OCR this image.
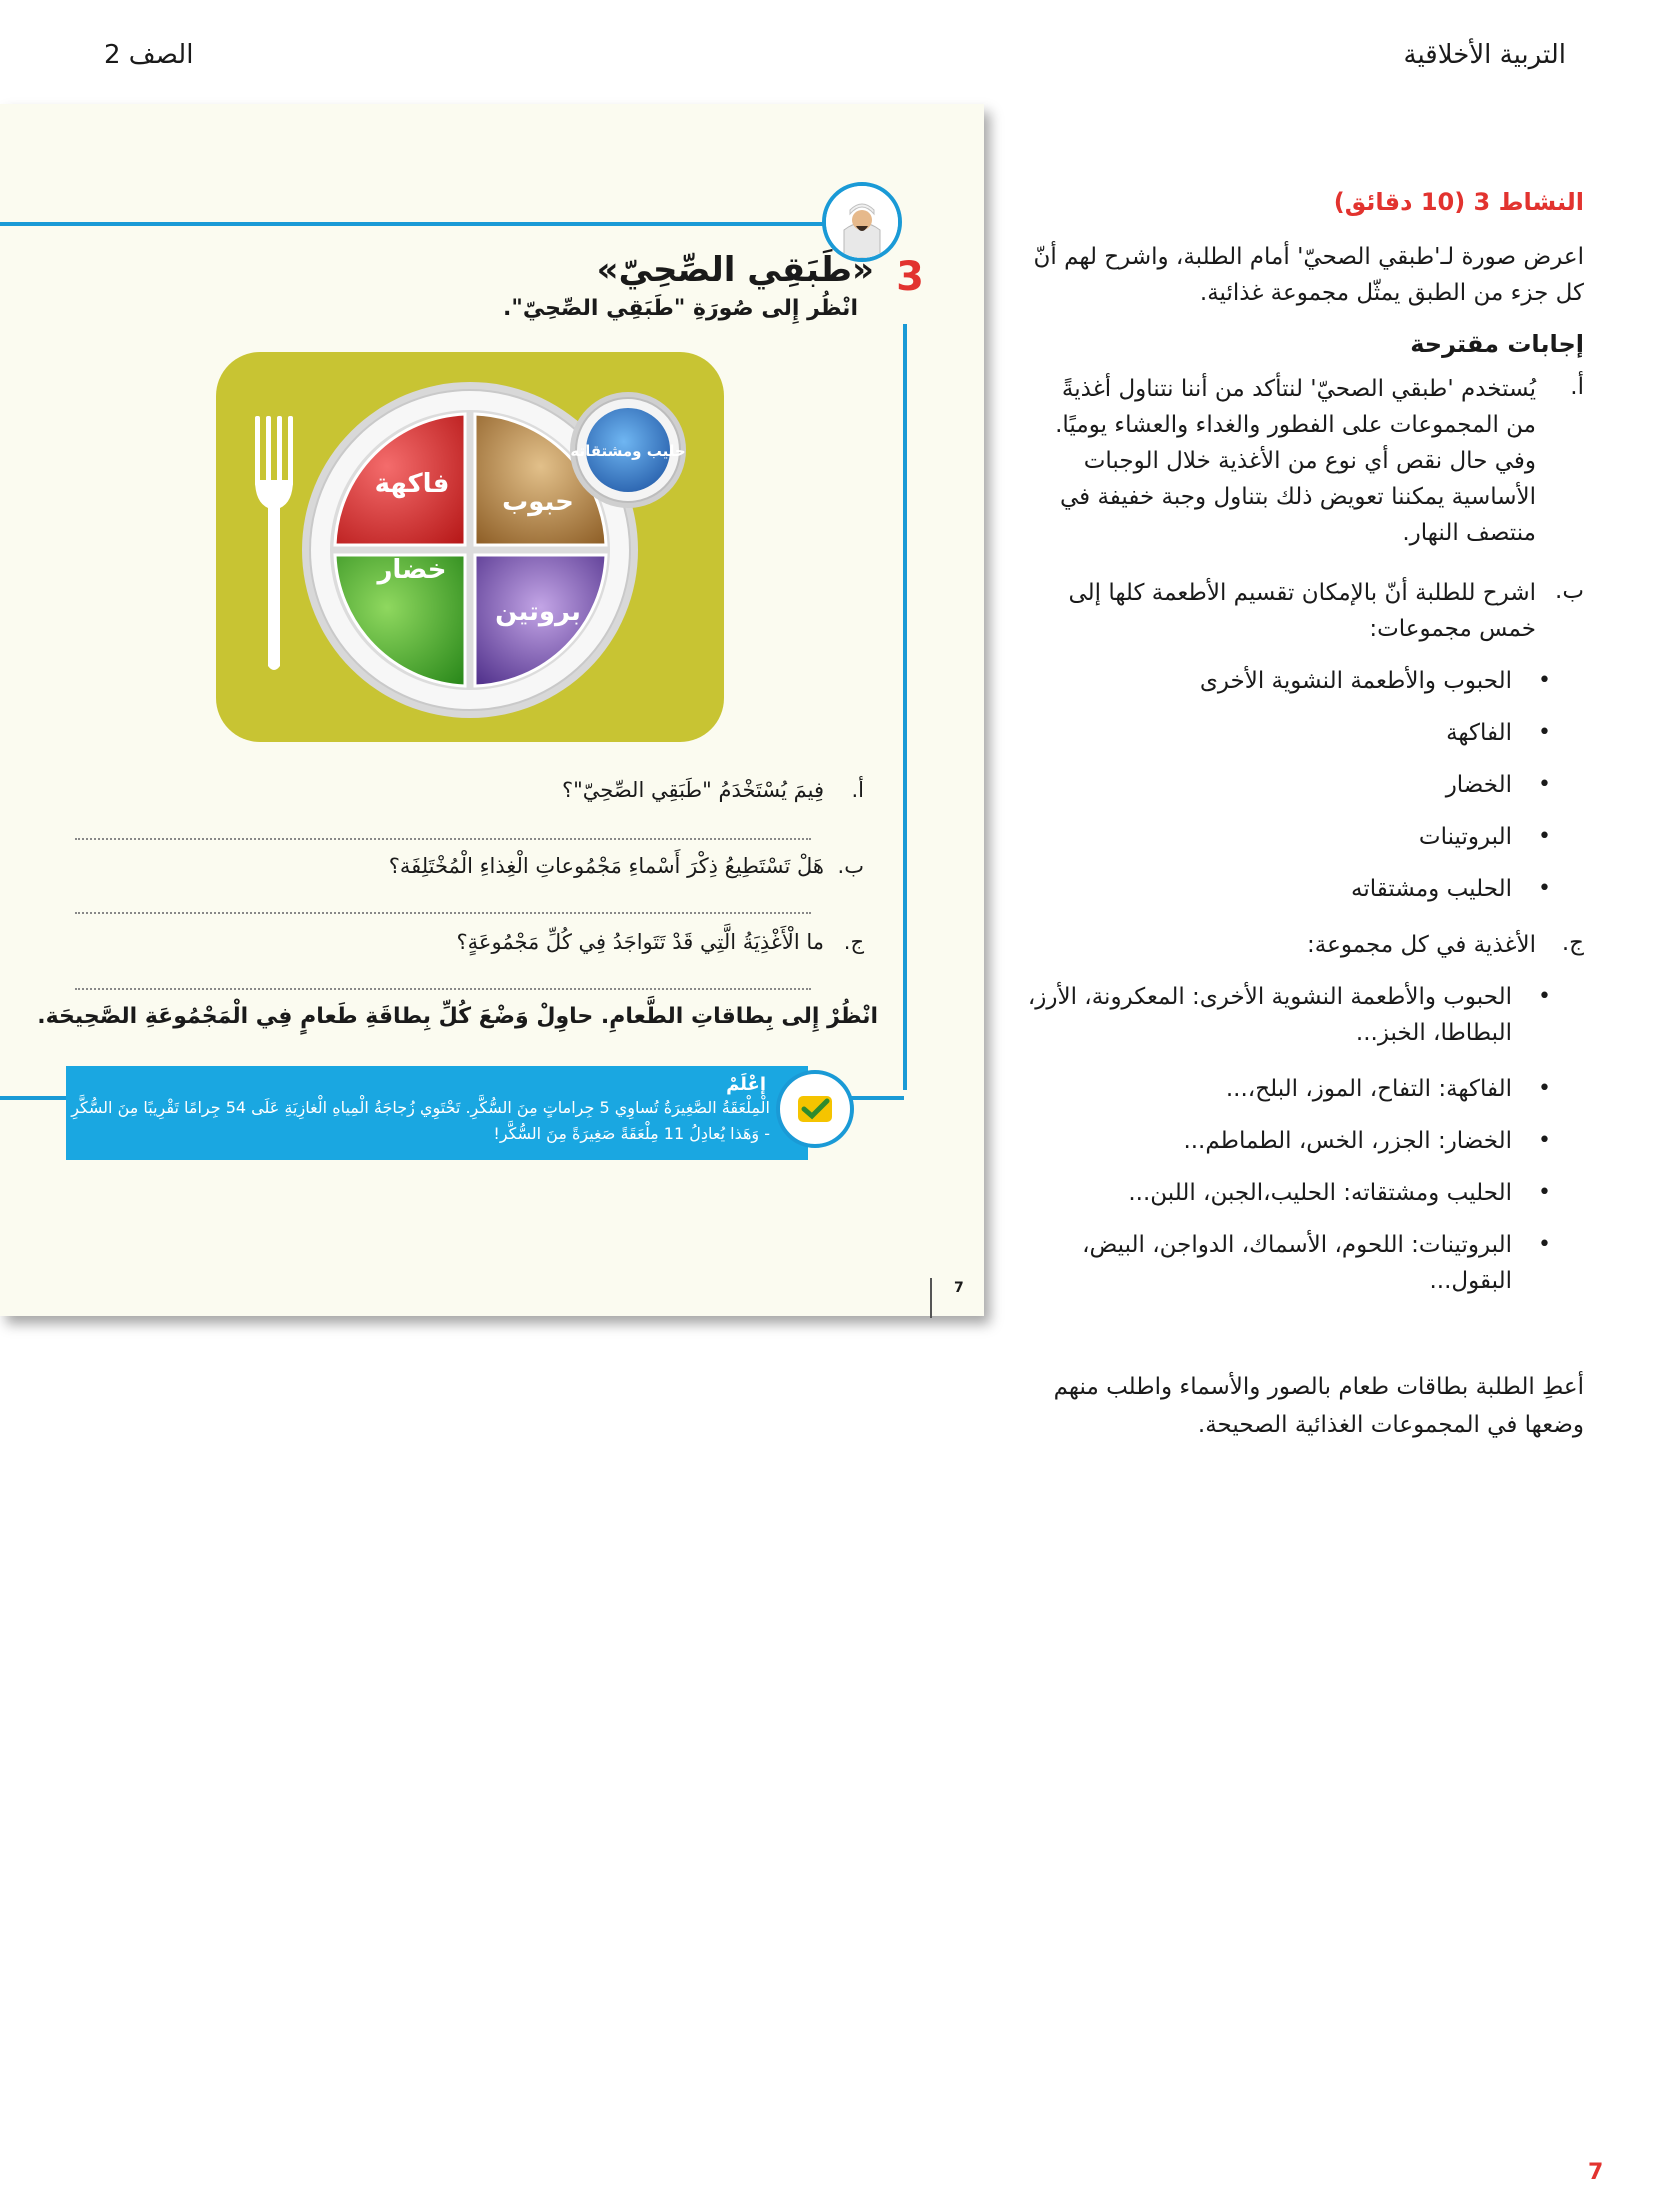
التربية الأخلاقية
الصف 2
3
«طَبَقِي الصِّحِيّ»
انْظُر إِلى صُورَةِ "طَبَقِي الصِّحِيّ".
فاكهة
حبوب
خضار
بروتين
حليب ومشتقاته
أ.
فِيمَ يُسْتَخْدَمُ "طَبَقِي الصِّحِيّ"؟
ب.
هَلْ تَسْتَطِيعُ ذِكْرَ أَسْماءِ مَجْمُوعاتِ الْغِذاءِ الْمُخْتَلِفَة؟
ج.
ما الْأَغْذِيَةُ الَّتِي قَدْ تَتَواجَدُ فِي كُلِّ مَجْمُوعَةٍ؟
انْظُرْ إِلى بِطاقاتِ الطَّعامِ. حاوِلْ وَضْعَ كُلِّ بِطاقَةِ طَعامٍ فِي الْمَجْمُوعَةِ الصَّحِيحَة.
إعْلَمْ
الْمِلْعَقَةُ الصَّغِيرَةُ تُساوِي 5 جِراماتٍ مِنَ السُّكَّرِ. تَحْتَوِي زُجاجَةُ الْمِياهِ الْغازِيَةِ عَلَى 54 جِرامًا تَقْرِيبًا مِنَ السُّكَّرِ
- وَهَذا يُعادِلُ 11 مِلْعَقَةً صَغِيرَةً مِنَ السُّكَّر!
7
النشاط 3 (10 دقائق)
اعرض صورة لـ'طبقي الصحيّ' أمام الطلبة، واشرح لهم أنّ
كل جزء من الطبق يمثّل مجموعة غذائية.
إجابات مقترحة
أ.
يُستخدم 'طبقي الصحيّ' لنتأكد من أننا نتناول أغذيةً
من المجموعات على الفطور والغداء والعشاء يوميًا.
وفي حال نقص أي نوع من الأغذية خلال الوجبات
الأساسية يمكننا تعويض ذلك بتناول وجبة خفيفة في
منتصف النهار.
ب.
اشرح للطلبة أنّ بالإمكان تقسيم الأطعمة كلها إلى
خمس مجموعات:
•
الحبوب والأطعمة النشوية الأخرى
•
الفاكهة
•
الخضار
•
البروتينات
•
الحليب ومشتقاته
ج.
الأغذية في كل مجموعة:
•
الحبوب والأطعمة النشوية الأخرى: المعكرونة، الأرز،
البطاطا، الخبز...
•
الفاكهة: التفاح، الموز، البلح،...
•
الخضار: الجزر، الخس، الطماطم...
•
الحليب ومشتقاته: الحليب،الجبن، اللبن...
•
البروتينات: اللحوم، الأسماك، الدواجن، البيض،
البقول...
أعطِ الطلبة بطاقات طعام بالصور والأسماء واطلب منهم
وضعها في المجموعات الغذائية الصحيحة.
7
